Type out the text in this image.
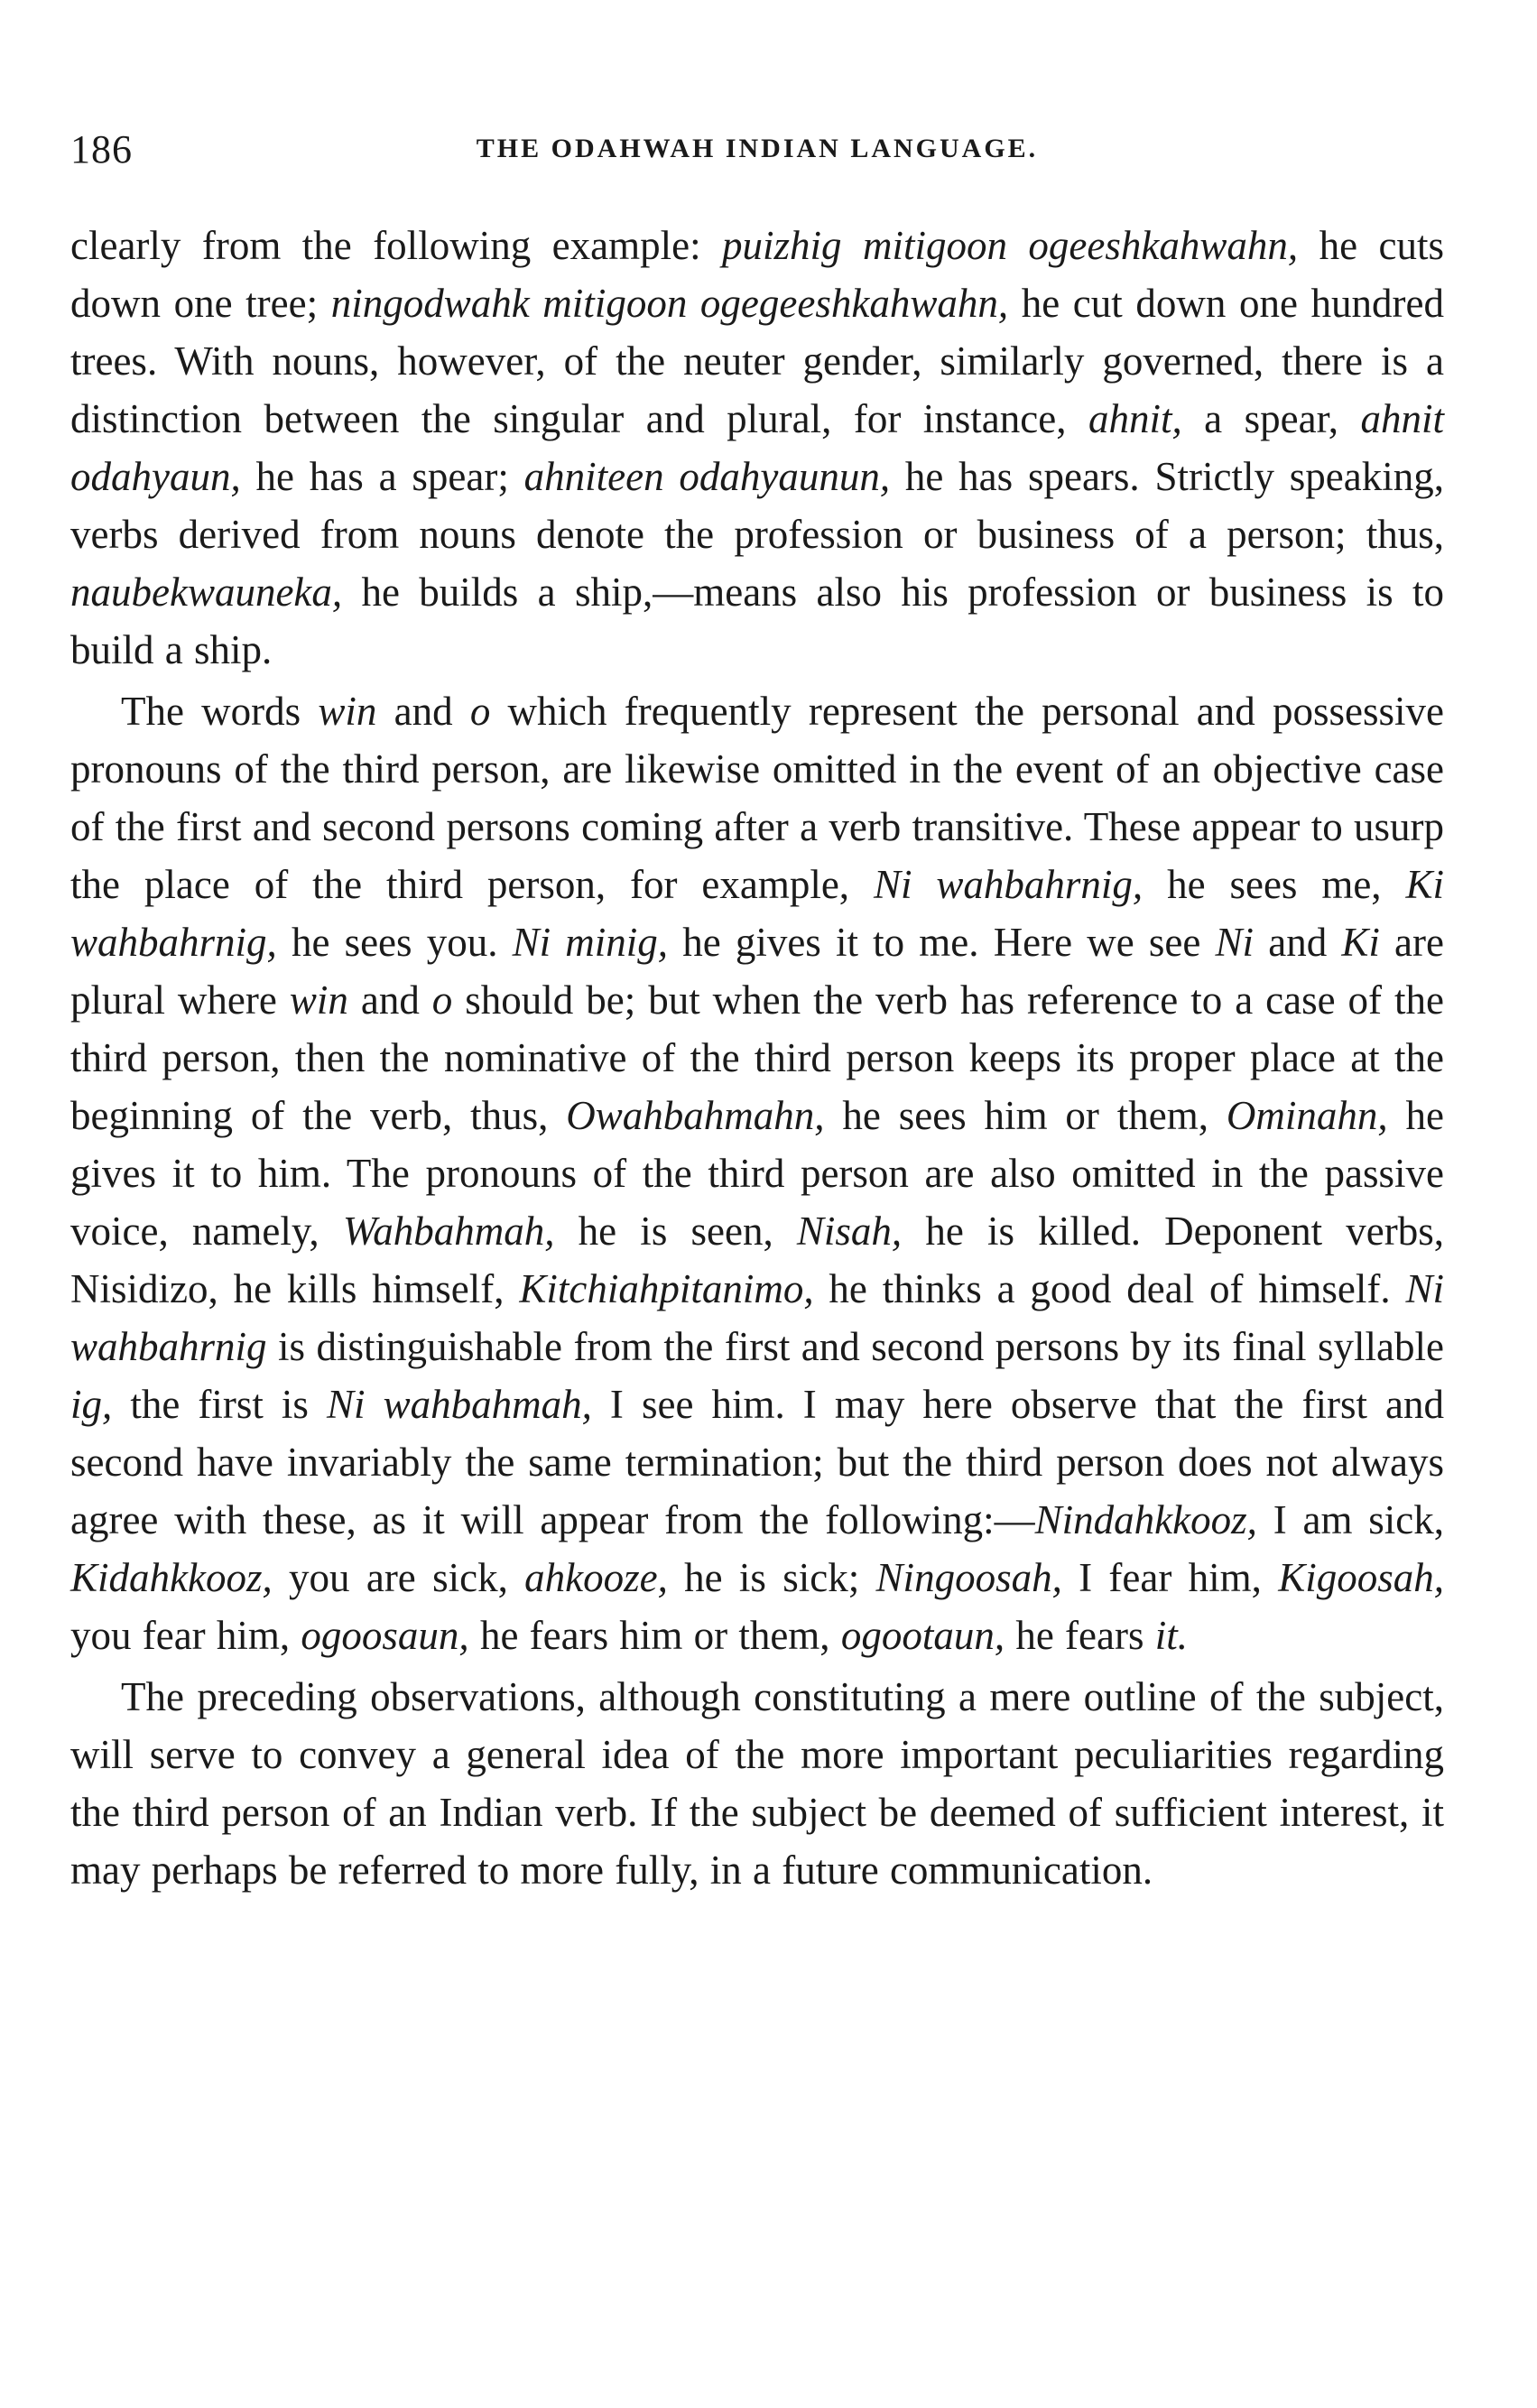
186	THE ODAHWAH INDIAN LANGUAGE.

clearly from the following example: puizhig mitigoon ogeeshkahwahn, he cuts down one tree; ningodwahk mitigoon ogegeeshkahwahn, he cut down one hundred trees. With nouns, however, of the neuter gender, similarly governed, there is a distinction between the singular and plural, for instance, ahnit, a spear, ahnit odahyaun, he has a spear; ahniteen odahyaunun, he has spears. Strictly speaking, verbs derived from nouns denote the profession or business of a person; thus, naubekwauneka, he builds a ship,—means also his profession or business is to build a ship.

The words win and o which frequently represent the personal and possessive pronouns of the third person, are likewise omitted in the event of an objective case of the first and second persons coming after a verb transitive. These appear to usurp the place of the third person, for example, Ni wahbahrnig, he sees me, Ki wahbahrnig, he sees you. Ni minig, he gives it to me. Here we see Ni and Ki are plural where win and o should be; but when the verb has reference to a case of the third person, then the nominative of the third person keeps its proper place at the beginning of the verb, thus, Owahbahmahn, he sees him or them, Ominahn, he gives it to him. The pronouns of the third person are also omitted in the passive voice, namely, Wahbahmah, he is seen, Nisah, he is killed. Deponent verbs, Nisidizo, he kills himself, Kitchiahpitanimo, he thinks a good deal of himself. Ni wahbahrnig is distinguishable from the first and second persons by its final syllable ig, the first is Ni wahbahmah, I see him. I may here observe that the first and second have invariably the same termination; but the third person does not always agree with these, as it will appear from the following:—Nindahkkooz, I am sick, Kidahkkooz, you are sick, ahkooze, he is sick; Ningoosah, I fear him, Kigoosah, you fear him, ogoosaun, he fears him or them, ogootaun, he fears it.

The preceding observations, although constituting a mere outline of the subject, will serve to convey a general idea of the more important peculiarities regarding the third person of an Indian verb. If the subject be deemed of sufficient interest, it may perhaps be referred to more fully, in a future communication.
